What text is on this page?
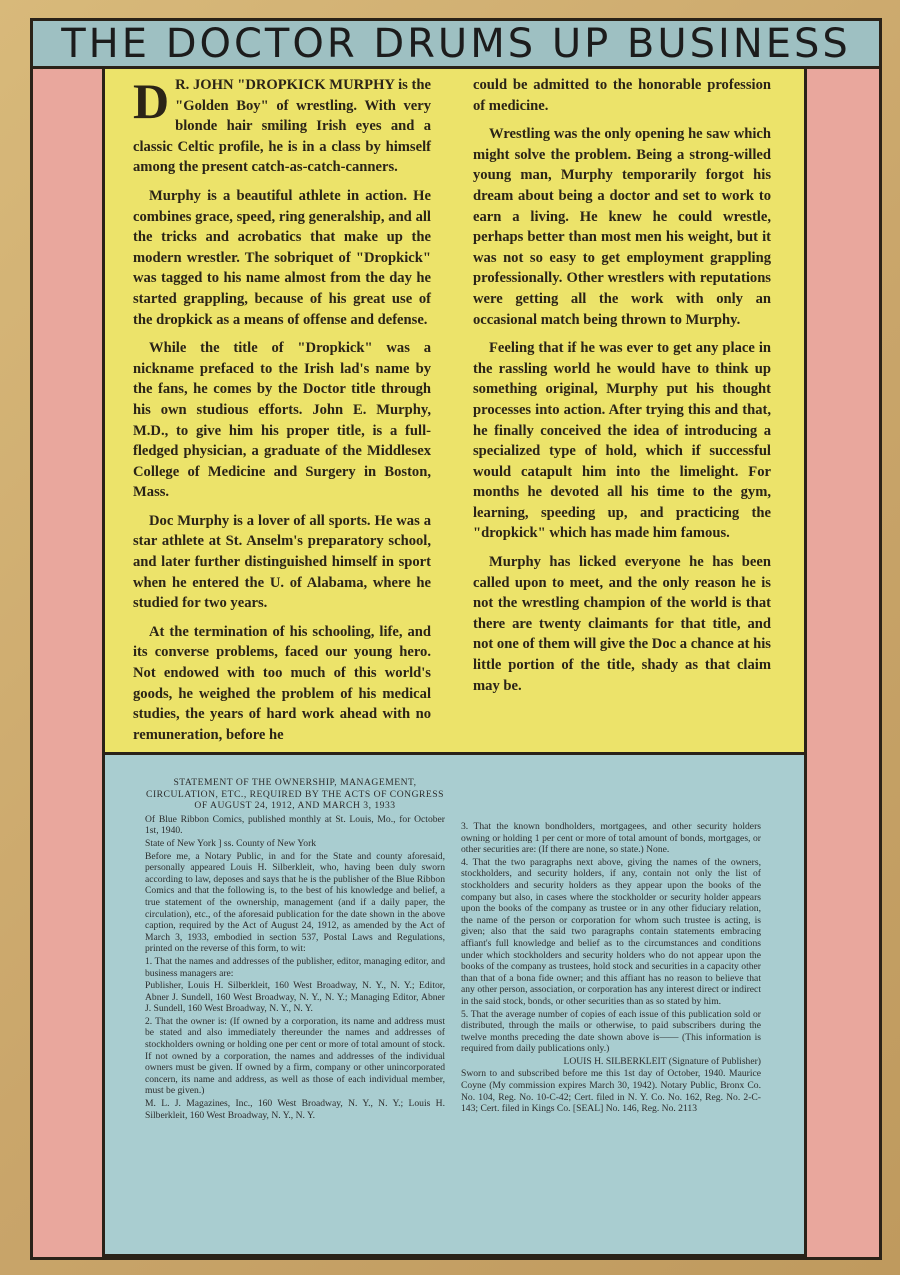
THE DOCTOR DRUMS UP BUSINESS

D R. JOHN "DROPKICK MURPHY is the "Golden Boy" of wrestling. With very blonde hair smiling Irish eyes and a classic Celtic profile, he is in a class by himself among the present catch-as-catch-canners.

Murphy is a beautiful athlete in action. He combines grace, speed, ring generalship, and all the tricks and acrobatics that make up the modern wrestler. The sobriquet of "Dropkick" was tagged to his name almost from the day he started grappling, because of his great use of the dropkick as a means of offense and defense.

While the title of "Dropkick" was a nickname prefaced to the Irish lad's name by the fans, he comes by the Doctor title through his own studious efforts. John E. Murphy, M.D., to give him his proper title, is a full-fledged physician, a graduate of the Middlesex College of Medicine and Surgery in Boston, Mass.

Doc Murphy is a lover of all sports. He was a star athlete at St. Anselm's preparatory school, and later further distinguished himself in sport when he entered the U. of Alabama, where he studied for two years.

At the termination of his schooling, life, and its converse problems, faced our young hero. Not endowed with too much of this world's goods, he weighed the problem of his medical studies, the years of hard work ahead with no remuneration, before he

could be admitted to the honorable profession of medicine.

Wrestling was the only opening he saw which might solve the problem. Being a strong-willed young man, Murphy temporarily forgot his dream about being a doctor and set to work to earn a living. He knew he could wrestle, perhaps better than most men his weight, but it was not so easy to get employment grappling professionally. Other wrestlers with reputations were getting all the work with only an occasional match being thrown to Murphy.

Feeling that if he was ever to get any place in the rassling world he would have to think up something original, Murphy put his thought processes into action. After trying this and that, he finally conceived the idea of introducing a specialized type of hold, which if successful would catapult him into the limelight. For months he devoted all his time to the gym, learning, speeding up, and practicing the "dropkick" which has made him famous.

Murphy has licked everyone he has been called upon to meet, and the only reason he is not the wrestling champion of the world is that there are twenty claimants for that title, and not one of them will give the Doc a chance at his little portion of the title, shady as that claim may be.

STATEMENT OF THE OWNERSHIP, MANAGEMENT, CIRCULATION, ETC., REQUIRED BY THE ACTS OF CONGRESS OF AUGUST 24, 1912, AND MARCH 3, 1933

Of Blue Ribbon Comics, published monthly at St. Louis, Mo., for October 1st, 1940.

State of New York ] ss. County of New York

Before me, a Notary Public, in and for the State and county aforesaid, personally appeared Louis H. Silberkleit, who, having been duly sworn according to law, deposes and says that he is the publisher of the Blue Ribbon Comics and that the following is, to the best of his knowledge and belief, a true statement of the ownership, management (and if a daily paper, the circulation), etc., of the aforesaid publication for the date shown in the above caption, required by the Act of August 24, 1912, as amended by the Act of March 3, 1933, embodied in section 537, Postal Laws and Regulations, printed on the reverse of this form, to wit:

1. That the names and addresses of the publisher, editor, managing editor, and business managers are:

Publisher, Louis H. Silberkleit, 160 West Broadway, N. Y., N. Y.; Editor, Abner J. Sundell, 160 West Broadway, N. Y., N. Y.; Managing Editor, Abner J. Sundell, 160 West Broadway, N. Y., N. Y.

2. That the owner is: (If owned by a corporation, its name and address must be stated and also immediately thereunder the names and addresses of stockholders owning or holding one per cent or more of total amount of stock. If not owned by a corporation, the names and addresses of the individual owners must be given. If owned by a firm, company or other unincorporated concern, its name and address, as well as those of each individual member, must be given.)

M. L. J. Magazines, Inc., 160 West Broadway, N. Y., N. Y.; Louis H. Silberkleit, 160 West Broadway, N. Y., N. Y.

3. That the known bondholders, mortgagees, and other security holders owning or holding 1 per cent or more of total amount of bonds, mortgages, or other securities are: (If there are none, so state.) None.

4. That the two paragraphs next above, giving the names of the owners, stockholders, and security holders, if any, contain not only the list of stockholders and security holders as they appear upon the books of the company but also, in cases where the stockholder or security holder appears upon the books of the company as trustee or in any other fiduciary relation, the name of the person or corporation for whom such trustee is acting, is given; also that the said two paragraphs contain statements embracing affiant's full knowledge and belief as to the circumstances and conditions under which stockholders and security holders who do not appear upon the books of the company as trustees, hold stock and securities in a capacity other than that of a bona fide owner; and this affiant has no reason to believe that any other person, association, or corporation has any interest direct or indirect in the said stock, bonds, or other securities than as so stated by him.

5. That the average number of copies of each issue of this publication sold or distributed, through the mails or otherwise, to paid subscribers during the twelve months preceding the date shown above is—— (This information is required from daily publications only.)

LOUIS H. SILBERKLEIT (Signature of Publisher)

Sworn to and subscribed before me this 1st day of October, 1940. Maurice Coyne (My commission expires March 30, 1942). Notary Public, Bronx Co. No. 104, Reg. No. 10-C-42; Cert. filed in N. Y. Co. No. 162, Reg. No. 2-C-143; Cert. filed in Kings Co. [SEAL] No. 146, Reg. No. 2113
